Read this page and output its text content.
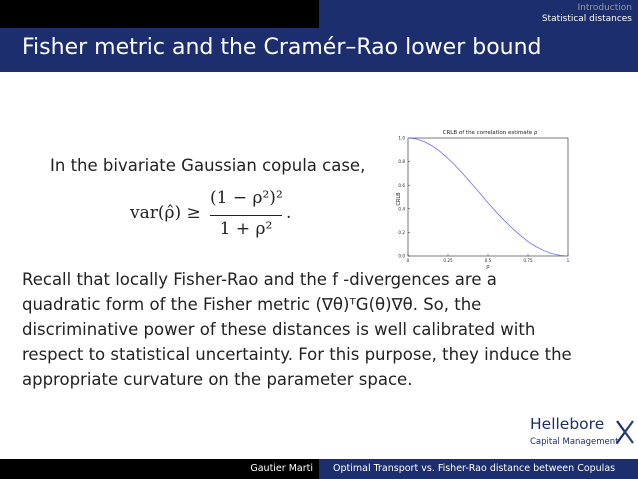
Introduction
Statistical distances
Fisher metric and the Cramér–Rao lower bound
In the bivariate Gaussian copula case,
var(ρ̂) ≥
(1 − ρ²)²
1 + ρ²
.
CRLB of the correlation estimate ρ
0.0
0.2
0.4
0.6
0.8
1.0
0	0.25	0.5	0.75	1
CRLB
ρ

Recall that locally Fisher-Rao and the f -divergences are a

quadratic form of the Fisher metric (∇θ)ᵀG(θ)∇θ. So, the

discriminative power of these distances is well calibrated with

respect to statistical uncertainty. For this purpose, they induce the

appropriate curvature on the parameter space.

Hellebore
Capital Management
Gautier Marti Optimal Transport vs. Fisher-Rao distance between Copulas
